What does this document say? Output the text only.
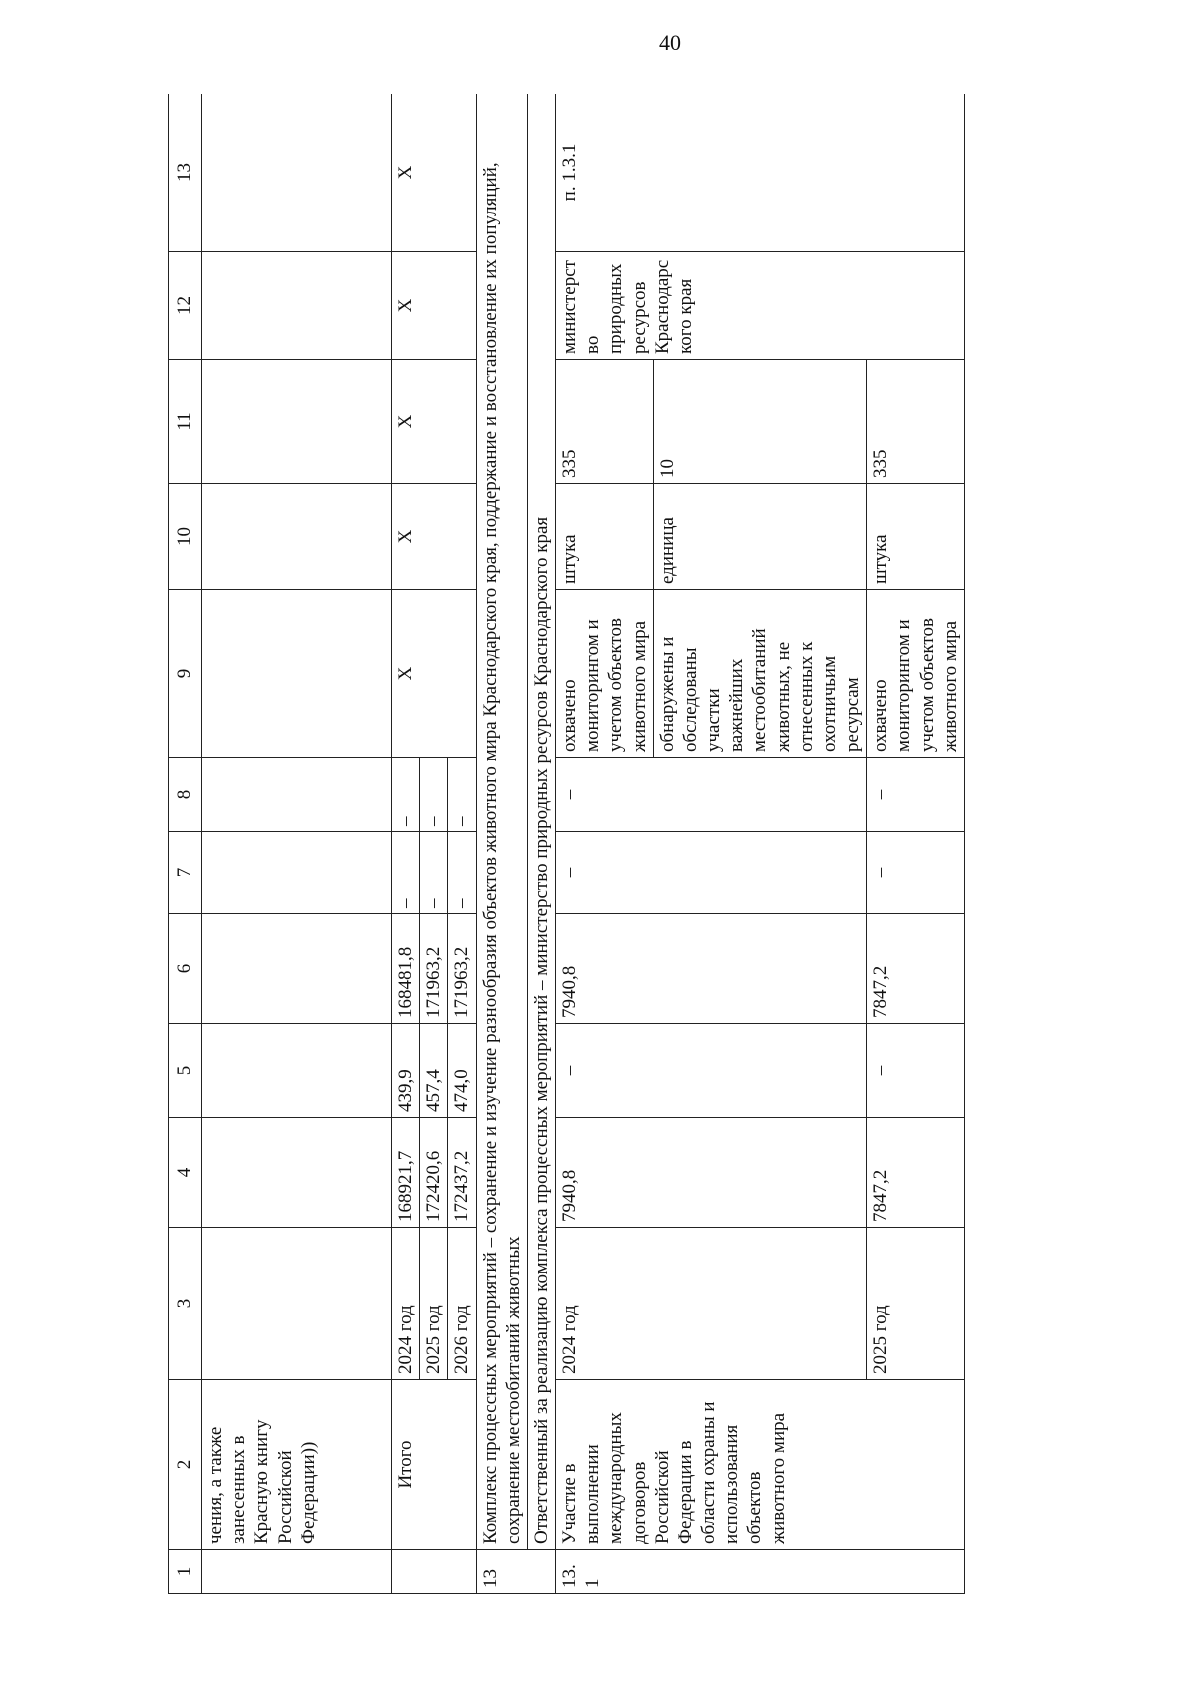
40
1	2	3	4	5	6	7	8	9	10	11	12	13
	чения, а также занесенных в Красную книгу Российской Федерации))											
	Итого	2024 год	168921,7	439,9	168481,8	–	–	Х	Х	Х	Х	Х
		2025 год	172420,6	457,4	171963,2	–	–					
		2026 год	172437,2	474,0	171963,2	–	–					
13	Комплекс процессных мероприятий – сохранение и изучение разнообразия объектов животного мира Краснодарского края, поддержание и восстановление их популяций, сохранение местообитаний животных											
	Ответственный за реализацию комплекса процессных мероприятий – министерство природных ресурсов Краснодарского края											
13.1	Участие в выполнении международных договоров Российской Федерации в области охраны и использования объектов животного мира	2024 год	7940,8	–	7940,8	–	–	охвачено мониторингом и учетом объектов животного мира	штука	335	министерство природных ресурсов Краснодарского края	п. 1.3.1
								обнаружены и обследованы участки важнейших местообитаний животных, не отнесенных к охотничьим ресурсам	единица	10		
		2025 год	7847,2	–	7847,2	–	–	охвачено мониторингом и учетом объектов животного мира	штука	335		
